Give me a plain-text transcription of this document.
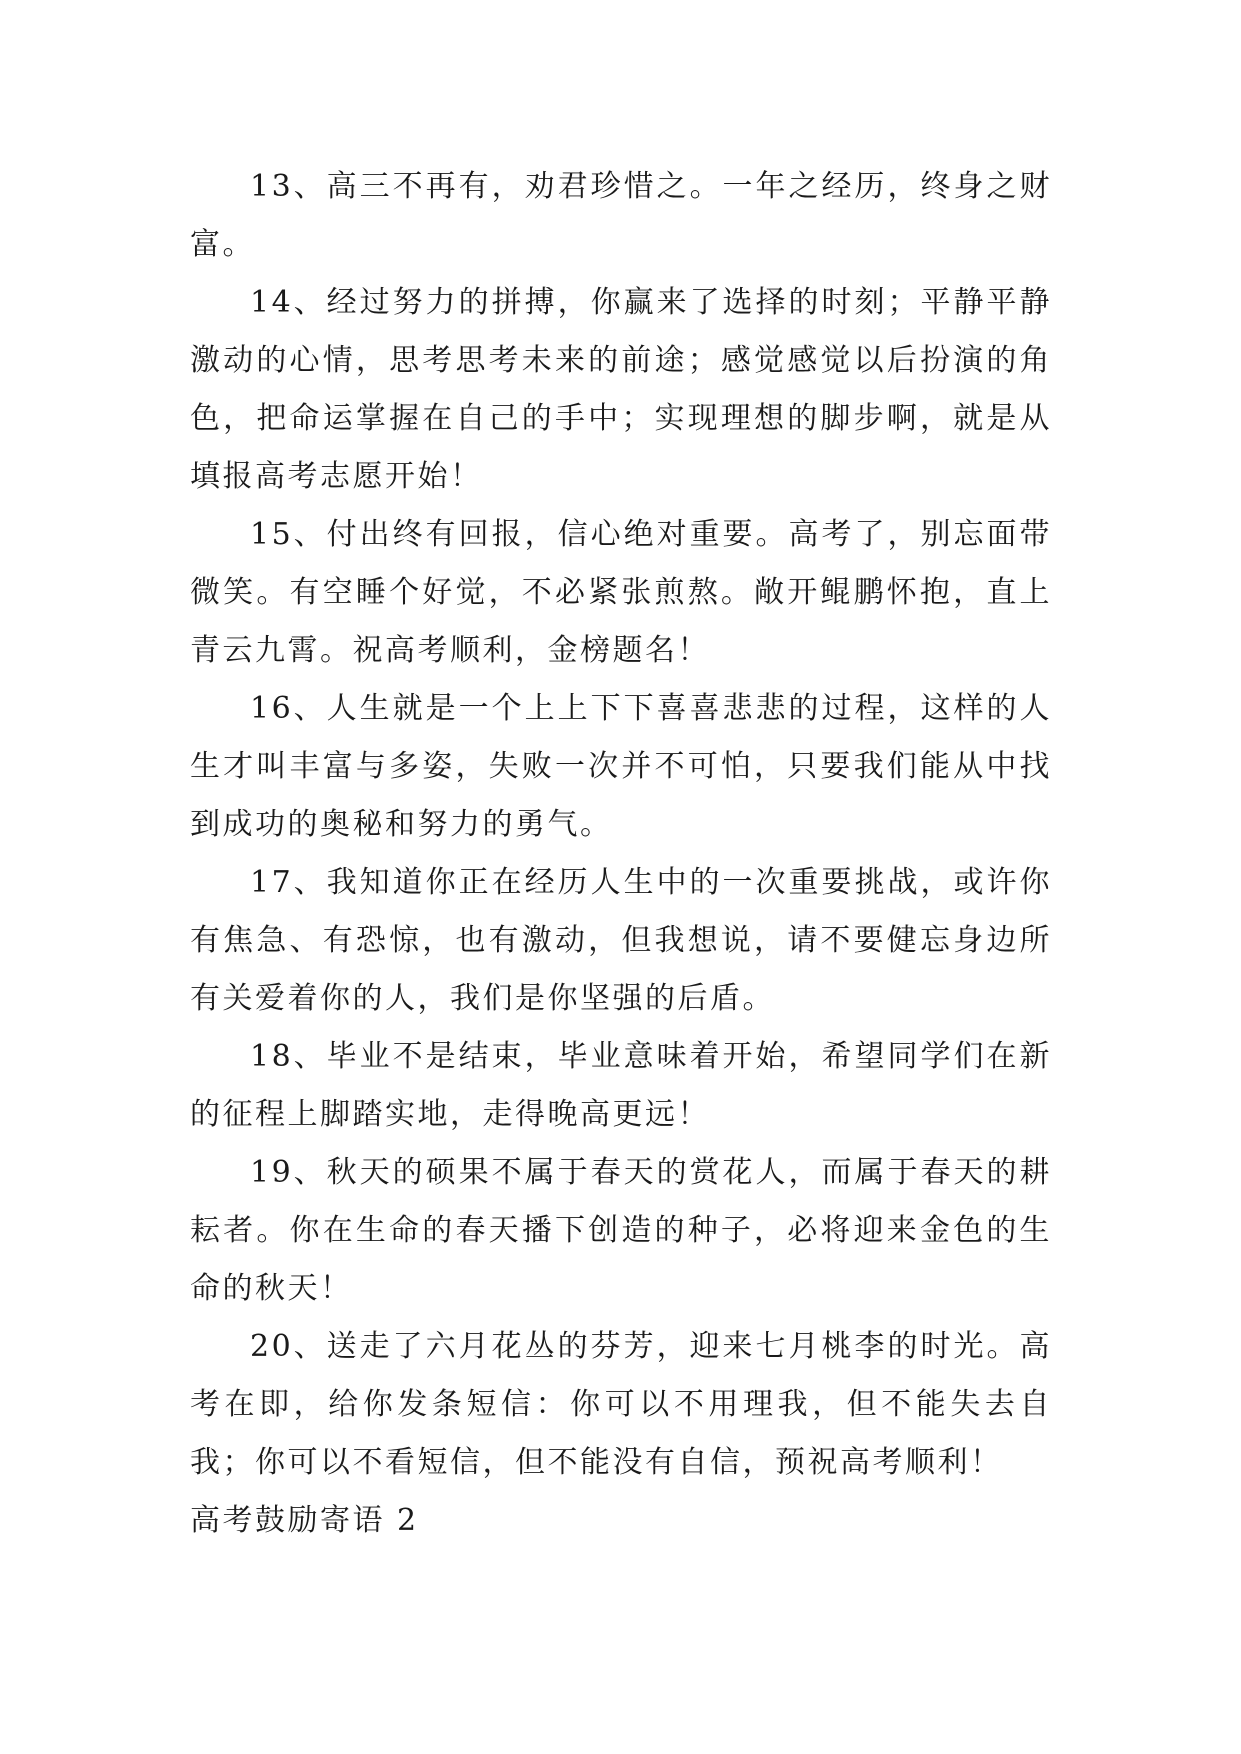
13、高三不再有，劝君珍惜之。一年之经历，终身之财富。

14、经过努力的拼搏，你赢来了选择的时刻；平静平静激动的心情，思考思考未来的前途；感觉感觉以后扮演的角色，把命运掌握在自己的手中；实现理想的脚步啊，就是从填报高考志愿开始！

15、付出终有回报，信心绝对重要。高考了，别忘面带微笑。有空睡个好觉，不必紧张煎熬。敞开鲲鹏怀抱，直上青云九霄。祝高考顺利，金榜题名！

16、人生就是一个上上下下喜喜悲悲的过程，这样的人生才叫丰富与多姿，失败一次并不可怕，只要我们能从中找到成功的奥秘和努力的勇气。

17、我知道你正在经历人生中的一次重要挑战，或许你有焦急、有恐惊，也有激动，但我想说，请不要健忘身边所有关爱着你的人，我们是你坚强的后盾。

18、毕业不是结束，毕业意味着开始，希望同学们在新的征程上脚踏实地，走得晚高更远！

19、秋天的硕果不属于春天的赏花人，而属于春天的耕耘者。你在生命的春天播下创造的种子，必将迎来金色的生命的秋天！

20、送走了六月花丛的芬芳，迎来七月桃李的时光。高考在即，给你发条短信：你可以不用理我，但不能失去自我；你可以不看短信，但不能没有自信，预祝高考顺利！

高考鼓励寄语 2
